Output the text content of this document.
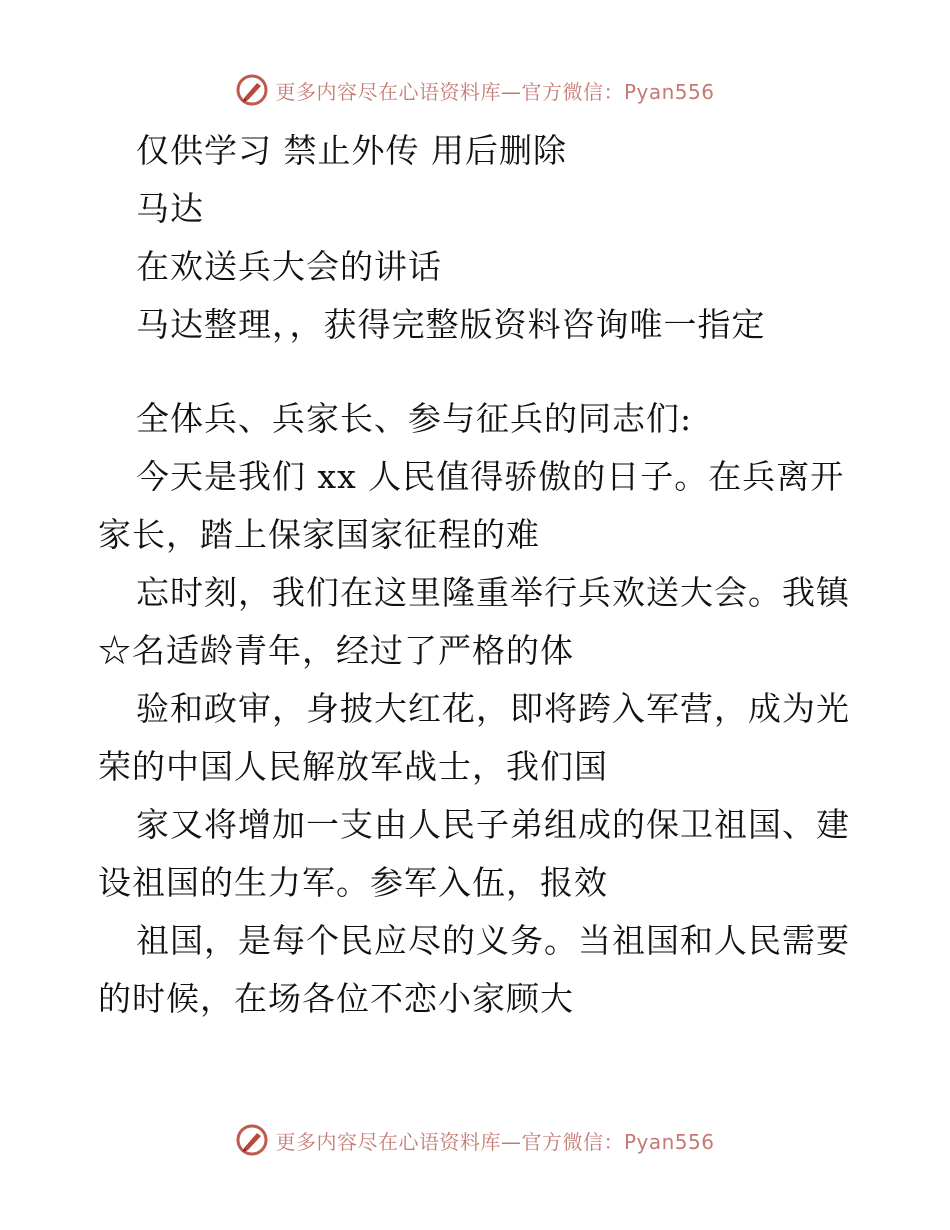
更多内容尽在心语资料库—官方微信：Pyan556
仅供学习 禁止外传 用后删除
马达
在欢送兵大会的讲话
马达整理，，获得完整版资料咨询唯一指定
全体兵、兵家长、参与征兵的同志们:
今天是我们 xx 人民值得骄傲的日子。在兵离开
家长，踏上保家国家征程的难
忘时刻，我们在这里隆重举行兵欢送大会。我镇
☆名适龄青年，经过了严格的体
验和政审，身披大红花，即将跨入军营，成为光
荣的中国人民解放军战士，我们国
家又将增加一支由人民子弟组成的保卫祖国、建
设祖国的生力军。参军入伍，报效
祖国，是每个民应尽的义务。当祖国和人民需要
的时候，在场各位不恋小家顾大
更多内容尽在心语资料库—官方微信：Pyan556
